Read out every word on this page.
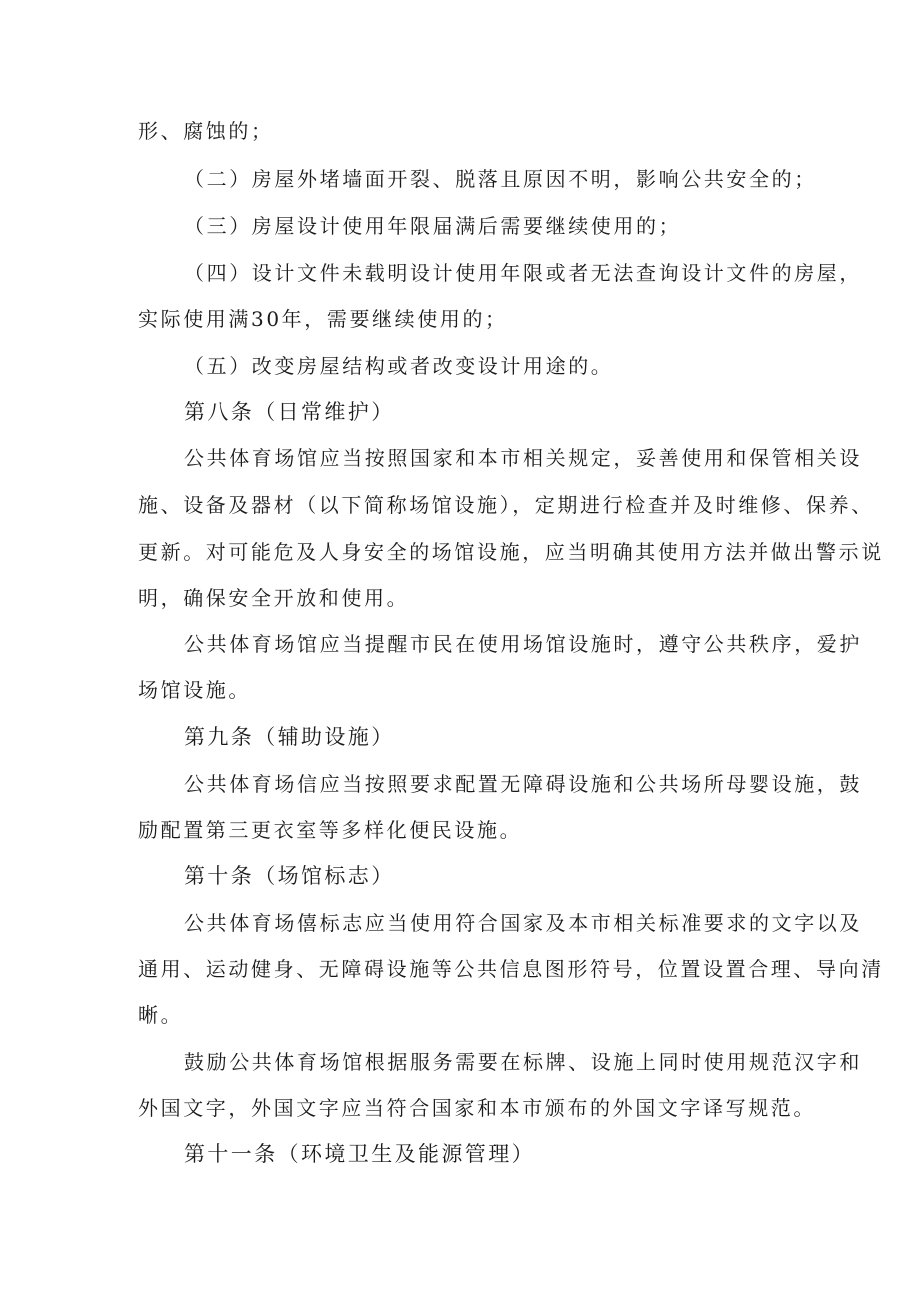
形、腐蚀的；
（二）房屋外堵墙面开裂、脱落且原因不明，影响公共安全的；
（三）房屋设计使用年限届满后需要继续使用的；
（四）设计文件未载明设计使用年限或者无法查询设计文件的房屋，
实际使用满30年，需要继续使用的；
（五）改变房屋结构或者改变设计用途的。
第八条（日常维护）
公共体育场馆应当按照国家和本市相关规定，妥善使用和保管相关设
施、设备及器材（以下简称场馆设施），定期进行检查并及时维修、保养、
更新。对可能危及人身安全的场馆设施，应当明确其使用方法并做出警示说
明，确保安全开放和使用。
公共体育场馆应当提醒市民在使用场馆设施时，遵守公共秩序，爱护
场馆设施。
第九条（辅助设施）
公共体育场信应当按照要求配置无障碍设施和公共场所母婴设施，鼓
励配置第三更衣室等多样化便民设施。
第十条（场馆标志）
公共体育场僖标志应当使用符合国家及本市相关标准要求的文字以及
通用、运动健身、无障碍设施等公共信息图形符号，位置设置合理、导向清
晰。
鼓励公共体育场馆根据服务需要在标牌、设施上同时使用规范汉字和
外国文字，外国文字应当符合国家和本市颁布的外国文字译写规范。
第十一条（环境卫生及能源管理）
